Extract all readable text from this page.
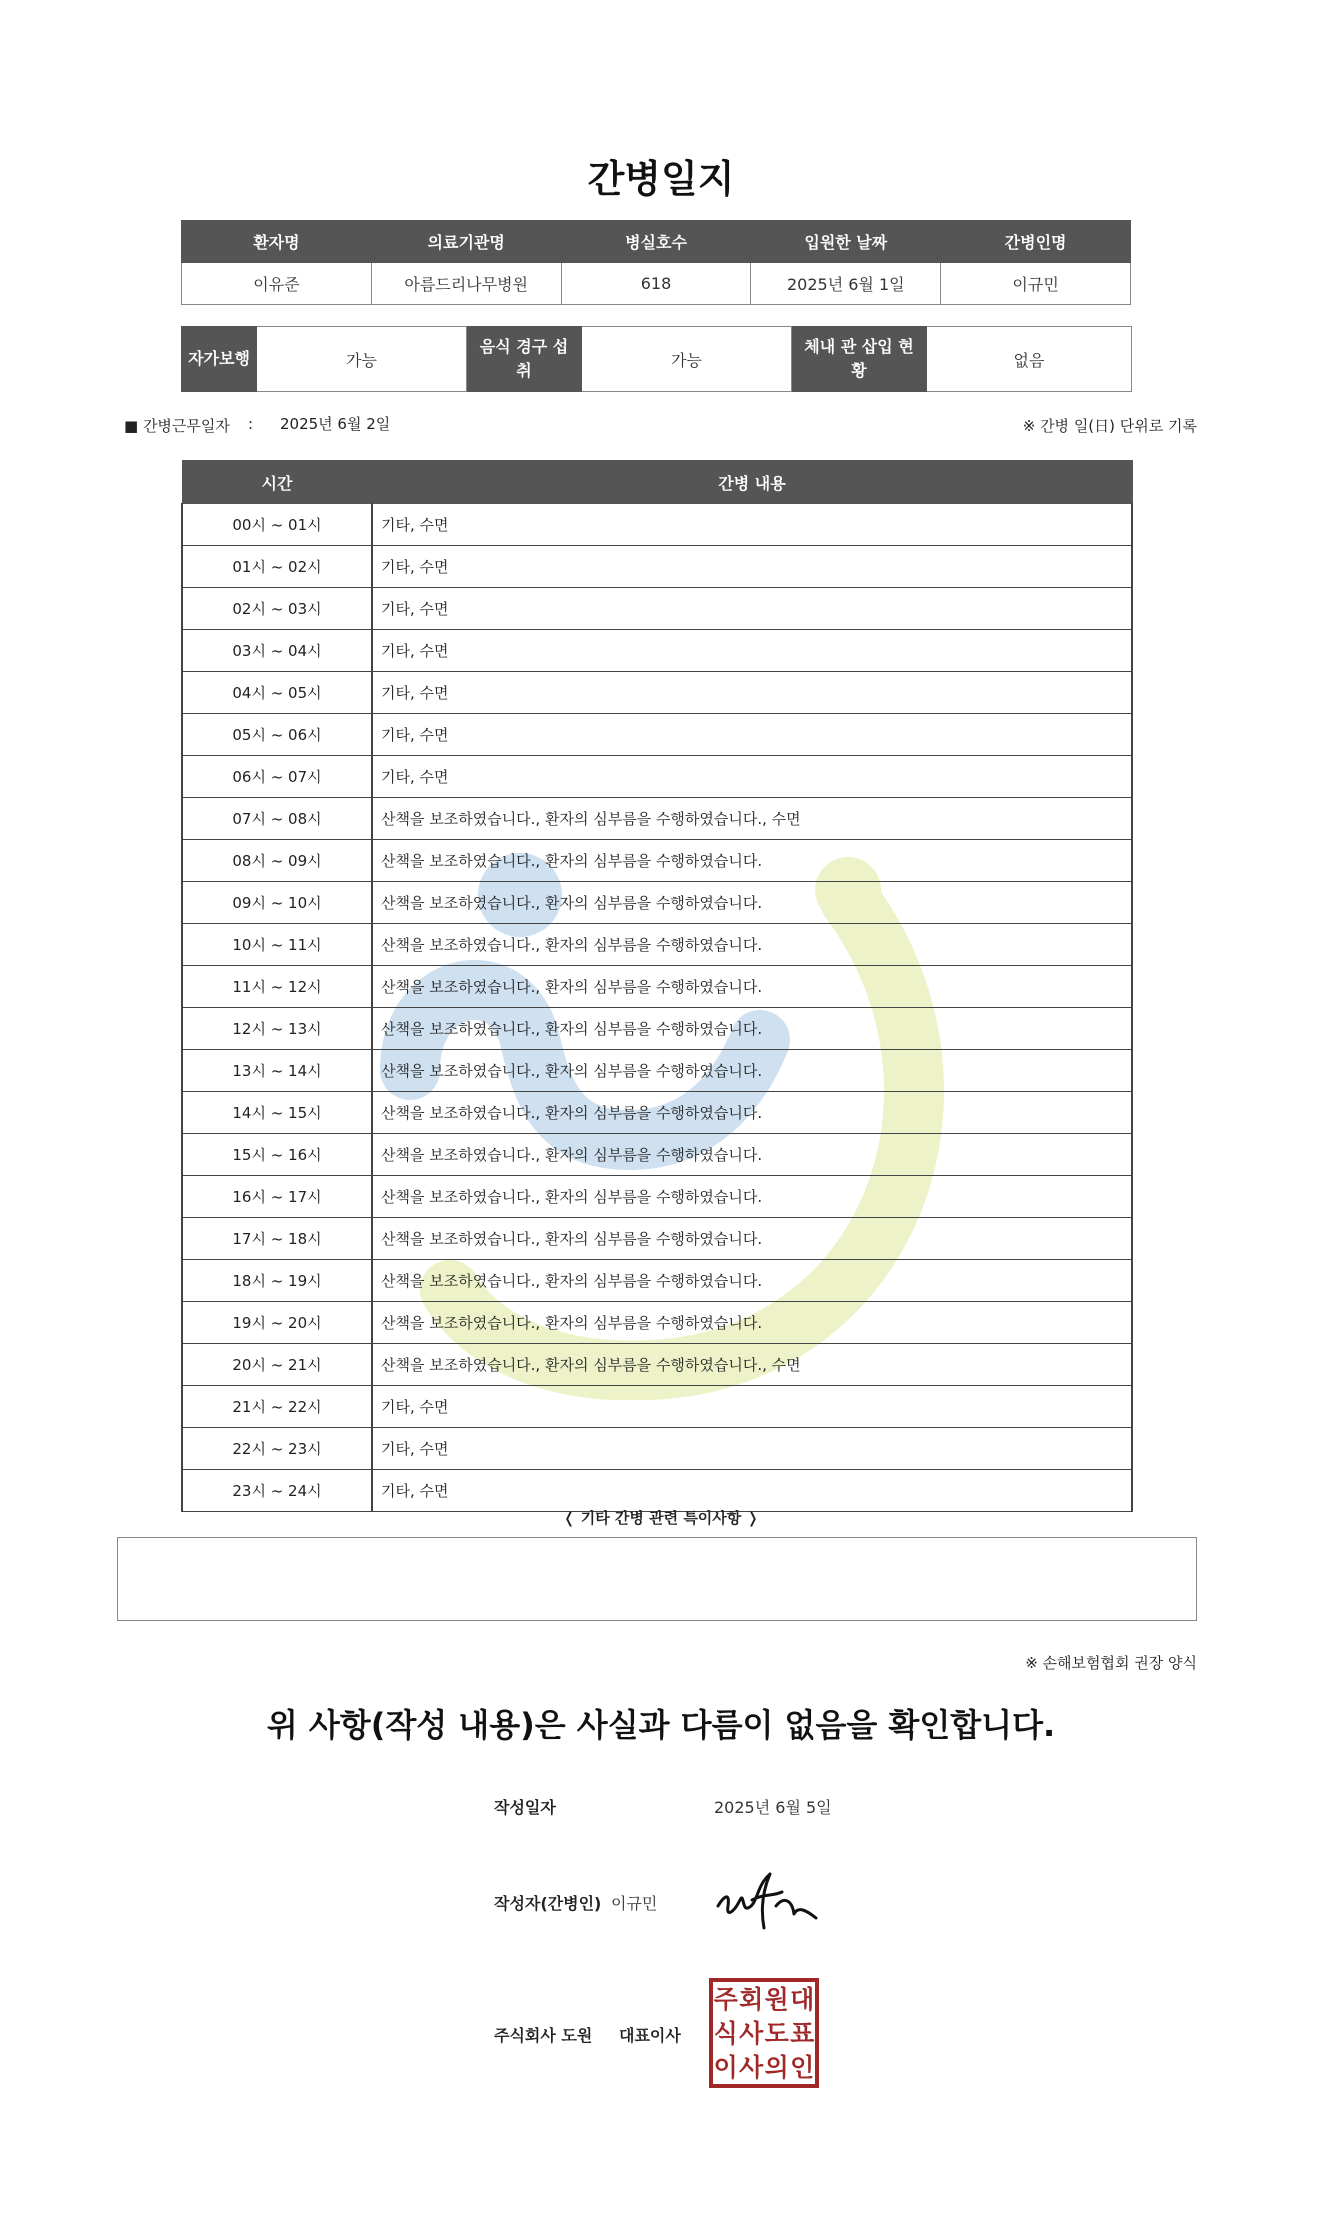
간병일지
환자명	의료기관명	병실호수	입원한 날짜	간병인명
이유준	아름드리나무병원	618	2025년 6월 1일	이규민
자가보행	가능	음식 경구 섭취	가능	체내 관 삽입 현황	없음
■ 간병근무일자 : 2025년 6월 2일	※ 간병 일(日) 단위로 기록
시간	간병 내용
00시 ~ 01시	기타, 수면
01시 ~ 02시	기타, 수면
02시 ~ 03시	기타, 수면
03시 ~ 04시	기타, 수면
04시 ~ 05시	기타, 수면
05시 ~ 06시	기타, 수면
06시 ~ 07시	기타, 수면
07시 ~ 08시	산책을 보조하였습니다., 환자의 심부름을 수행하였습니다., 수면
08시 ~ 09시	산책을 보조하였습니다., 환자의 심부름을 수행하였습니다.
09시 ~ 10시	산책을 보조하였습니다., 환자의 심부름을 수행하였습니다.
10시 ~ 11시	산책을 보조하였습니다., 환자의 심부름을 수행하였습니다.
11시 ~ 12시	산책을 보조하였습니다., 환자의 심부름을 수행하였습니다.
12시 ~ 13시	산책을 보조하였습니다., 환자의 심부름을 수행하였습니다.
13시 ~ 14시	산책을 보조하였습니다., 환자의 심부름을 수행하였습니다.
14시 ~ 15시	산책을 보조하였습니다., 환자의 심부름을 수행하였습니다.
15시 ~ 16시	산책을 보조하였습니다., 환자의 심부름을 수행하였습니다.
16시 ~ 17시	산책을 보조하였습니다., 환자의 심부름을 수행하였습니다.
17시 ~ 18시	산책을 보조하였습니다., 환자의 심부름을 수행하였습니다.
18시 ~ 19시	산책을 보조하였습니다., 환자의 심부름을 수행하였습니다.
19시 ~ 20시	산책을 보조하였습니다., 환자의 심부름을 수행하였습니다.
20시 ~ 21시	산책을 보조하였습니다., 환자의 심부름을 수행하였습니다., 수면
21시 ~ 22시	기타, 수면
22시 ~ 23시	기타, 수면
23시 ~ 24시	기타, 수면
❬ 기타 간병 관련 특이사항 ❭
※ 손해보험협회 권장 양식
위 사항(작성 내용)은 사실과 다름이 없음을 확인합니다.
작성일자	2025년 6월 5일
작성자(간병인) 이규민
주식회사 도원 대표이사
주 회 원 대
식 사 도 표
이 사 의 인
